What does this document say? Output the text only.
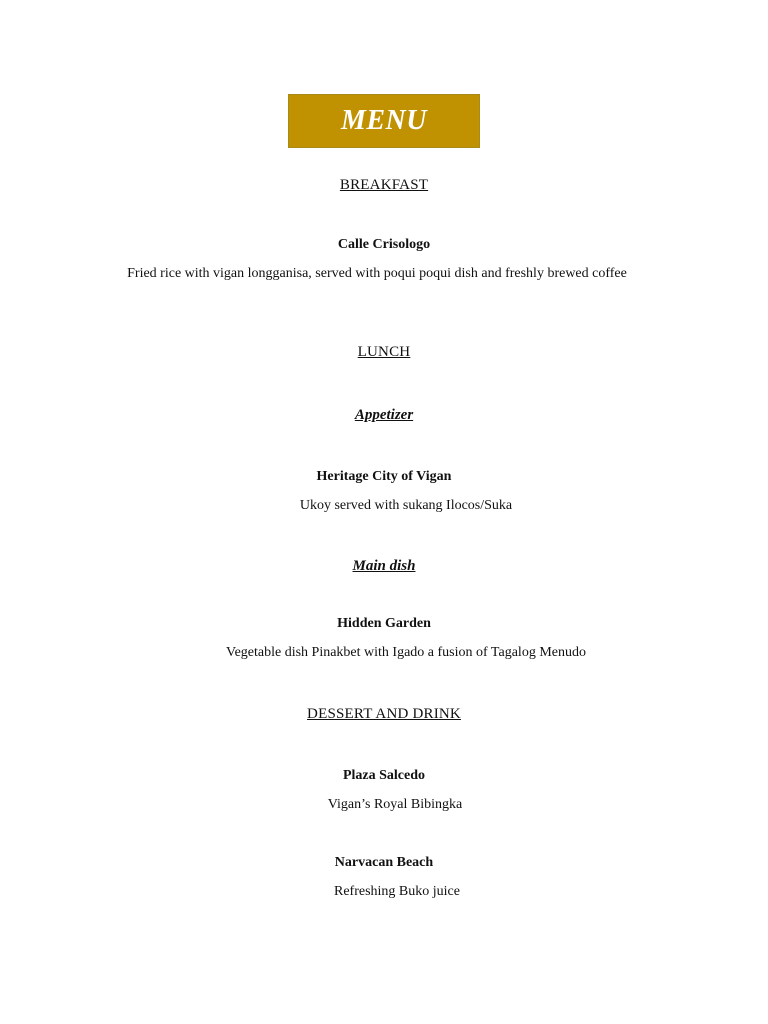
MENU
BREAKFAST
Calle Crisologo
Fried rice with vigan longganisa, served with poqui poqui dish and freshly brewed coffee
LUNCH
Appetizer
Heritage City of Vigan
Ukoy served with sukang Ilocos/Suka
Main dish
Hidden Garden
Vegetable dish Pinakbet with Igado a fusion of Tagalog Menudo
DESSERT AND DRINK
Plaza Salcedo
Vigan’s Royal Bibingka
Narvacan Beach
Refreshing Buko juice
